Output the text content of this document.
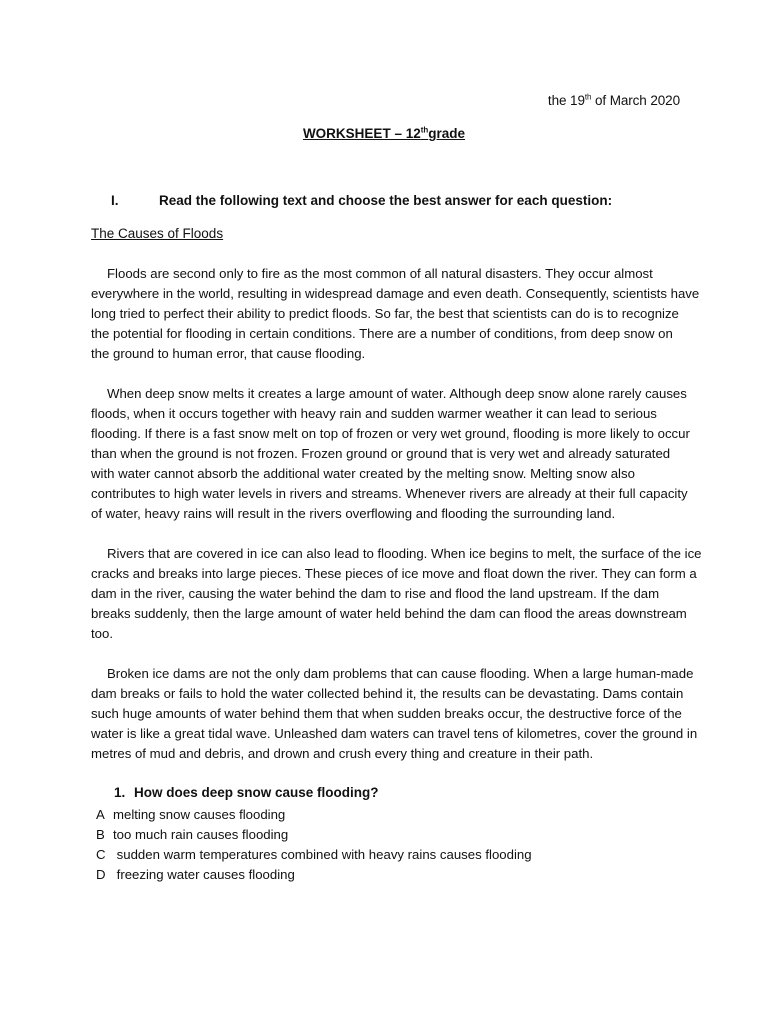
the 19th of March 2020
WORKSHEET – 12thgrade
I.	Read the following text and choose the best answer for each question:
The Causes of Floods
Floods are second only to fire as the most common of all natural disasters. They occur almost
everywhere in the world, resulting in widespread damage and even death. Consequently, scientists have
long tried to perfect their ability to predict floods. So far, the best that scientists can do is to recognize
the potential for flooding in certain conditions. There are a number of conditions, from deep snow on
the ground to human error, that cause flooding.
When deep snow melts it creates a large amount of water. Although deep snow alone rarely causes
floods, when it occurs together with heavy rain and sudden warmer weather it can lead to serious
flooding. If there is a fast snow melt on top of frozen or very wet ground, flooding is more likely to occur
than when the ground is not frozen. Frozen ground or ground that is very wet and already saturated
with water cannot absorb the additional water created by the melting snow. Melting snow also
contributes to high water levels in rivers and streams. Whenever rivers are already at their full capacity
of water, heavy rains will result in the rivers overflowing and flooding the surrounding land.
Rivers that are covered in ice can also lead to flooding. When ice begins to melt, the surface of the ice
cracks and breaks into large pieces. These pieces of ice move and float down the river. They can form a
dam in the river, causing the water behind the dam to rise and flood the land upstream. If the dam
breaks suddenly, then the large amount of water held behind the dam can flood the areas downstream
too.
Broken ice dams are not the only dam problems that can cause flooding. When a large human-made
dam breaks or fails to hold the water collected behind it, the results can be devastating. Dams contain
such huge amounts of water behind them that when sudden breaks occur, the destructive force of the
water is like a great tidal wave. Unleashed dam waters can travel tens of kilometres, cover the ground in
metres of mud and debris, and drown and crush every thing and creature in their path.
1. How does deep snow cause flooding?
A melting snow causes flooding
B too much rain causes flooding
C sudden warm temperatures combined with heavy rains causes flooding
D freezing water causes flooding
